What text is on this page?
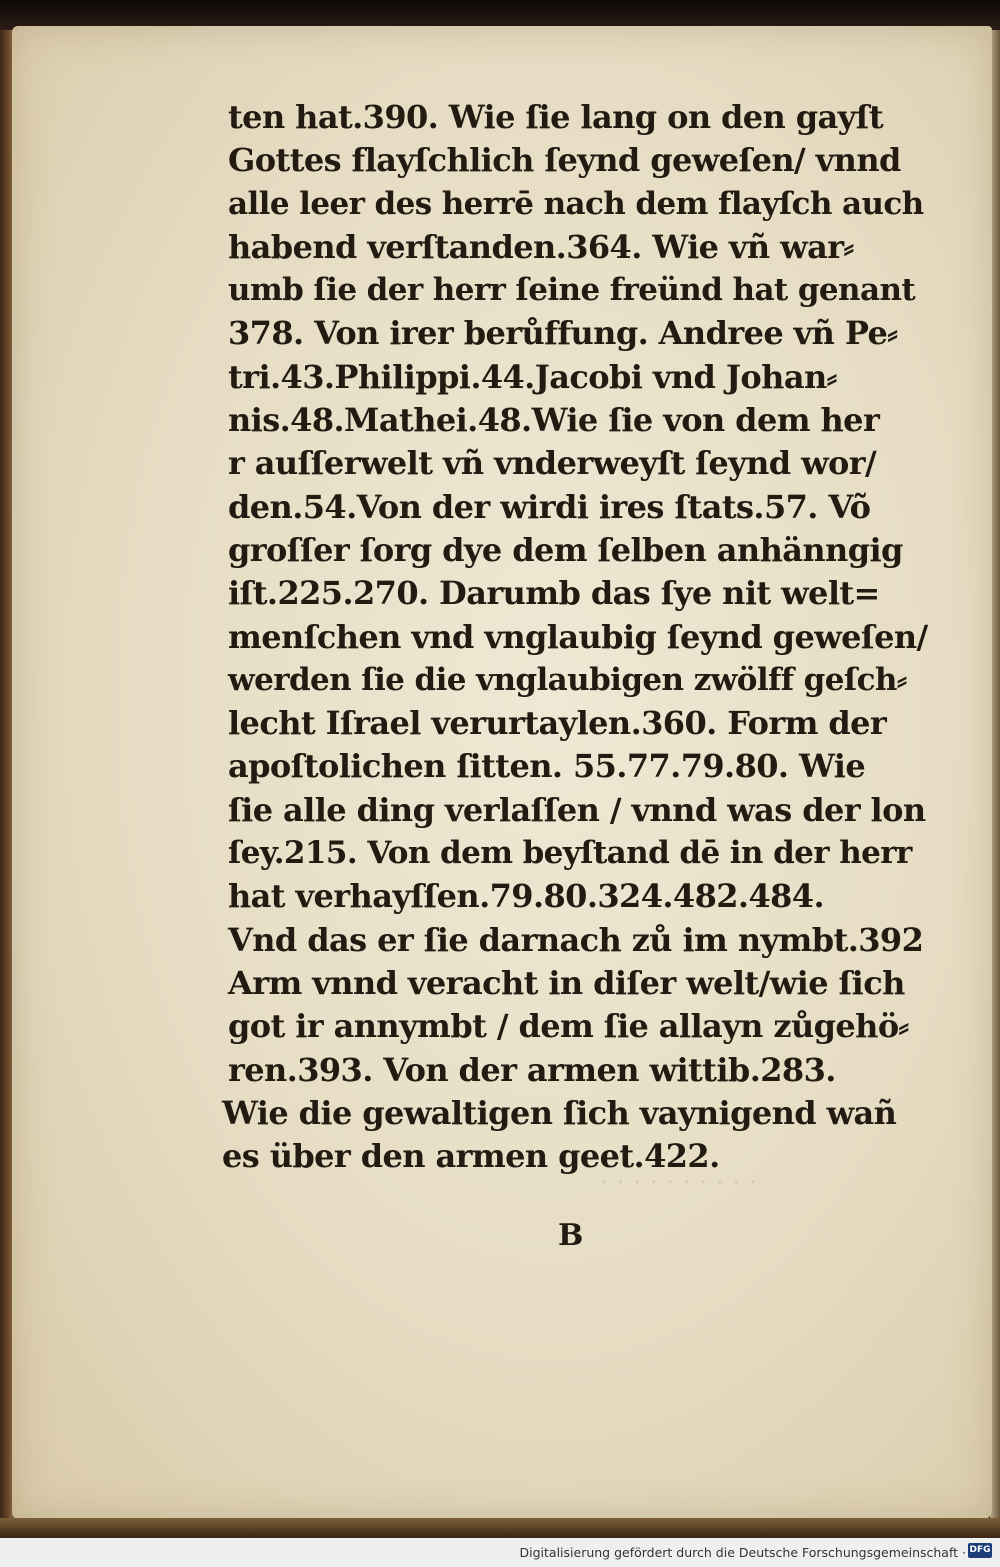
· · · · · · · · · ·
ten hat.390. Wie ſie lang on den gayſt
Gottes flayſchlich ſeynd geweſen/ vnnd
alle leer des herrē nach dem flayſch auch
habend verſtanden.364. Wie vñ war⸗
umb ſie der herr ſeine freünd hat genant
378. Von irer berůffung. Andree vñ Pe⸗
tri.43.Philippi.44.Jacobi vnd Johan⸗
nis.48.Mathei.48.Wie ſie von dem her
r auſſerwelt vñ vnderweyſt ſeynd wor/
den.54.Von der wirdi ires ſtats.57. Võ
groſſer ſorg dye dem ſelben anhänngig
iſt.225.270. Darumb das ſye nit welt=
menſchen vnd vnglaubig ſeynd geweſen/
werden ſie die vnglaubigen zwölff geſch⸗
lecht Iſrael verurtaylen.360. Form der
apoſtolichen ſitten. 55.77.79.80. Wie
ſie alle ding verlaſſen / vnnd was der lon
ſey.215. Von dem beyſtand dē in der herr
hat verhayſſen.79.80.324.482.484.
Vnd das er ſie darnach zů im nymbt.392
Arm vnnd veracht in diſer welt/wie ſich
got ir annymbt / dem ſie allayn zůgehö⸗
ren.393. Von der armen wittib.283.
Wie die gewaltigen ſich vaynigend wañ
es über den armen geet.422.
B
Digitalisierung gefördert durch die Deutsche Forschungsgemeinschaft · DFG
